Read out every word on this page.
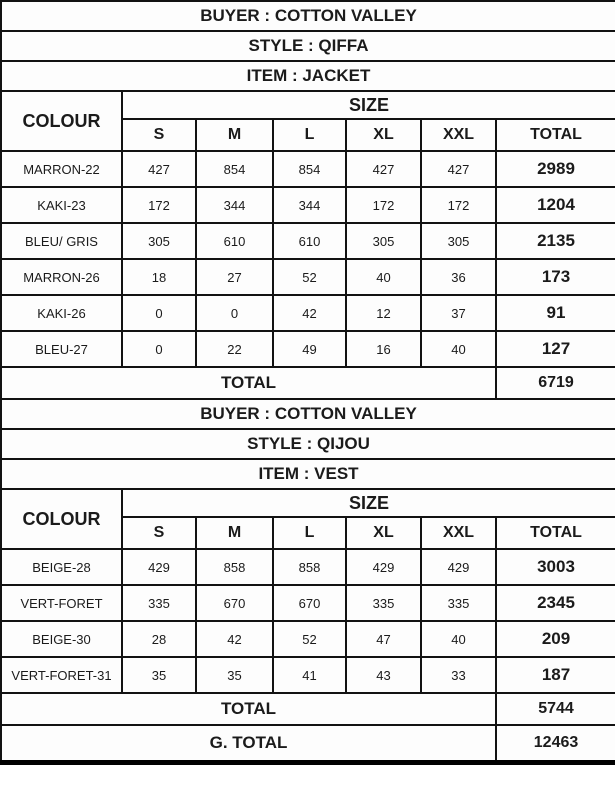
BUYER : COTTON VALLEY						
STYLE : QIFFA						
ITEM : JACKET						
COLOUR	SIZE					
	S	M	L	XL	XXL	TOTAL
MARRON-22	427	854	854	427	427	2989
KAKI-23	172	344	344	172	172	1204
BLEU/ GRIS	305	610	610	305	305	2135
MARRON-26	18	27	52	40	36	173
KAKI-26	0	0	42	12	37	91
BLEU-27	0	22	49	16	40	127
TOTAL						6719
BUYER : COTTON VALLEY						
STYLE : QIJOU						
ITEM : VEST						
COLOUR	SIZE					
	S	M	L	XL	XXL	TOTAL
BEIGE-28	429	858	858	429	429	3003
VERT-FORET	335	670	670	335	335	2345
BEIGE-30	28	42	52	47	40	209
VERT-FORET-31	35	35	41	43	33	187
TOTAL						5744
G. TOTAL						12463
